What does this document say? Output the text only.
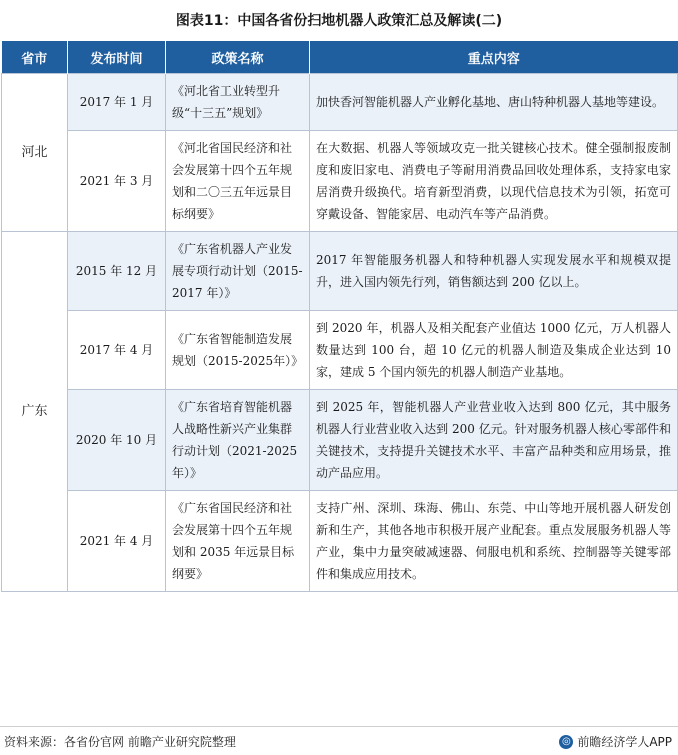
图表11：中国各省份扫地机器人政策汇总及解读(二)
省市	发布时间	政策名称	重点内容
河北	2017 年 1 月	《河北省工业转型升级“十三五”规划》	加快香河智能机器人产业孵化基地、唐山特种机器人基地等建设。
	2021 年 3 月	《河北省国民经济和社会发展第十四个五年规划和二〇三五年远景目标纲要》	在大数据、机器人等领域攻克一批关键核心技术。健全强制报废制度和废旧家电、消费电子等耐用消费品回收处理体系，支持家电家居消费升级换代。培育新型消费，以现代信息技术为引领，拓宽可穿戴设备、智能家居、电动汽车等产品消费。
广东	2015 年 12 月	《广东省机器人产业发展专项行动计划（2015-2017 年）》	2017 年智能服务机器人和特种机器人实现发展水平和规模双提升，进入国内领先行列，销售额达到 200 亿以上。
	2017 年 4 月	《广东省智能制造发展规划（2015-2025年）》	到 2020 年，机器人及相关配套产业值达 1000 亿元，万人机器人数量达到 100 台，超 10 亿元的机器人制造及集成企业达到 10 家，建成 5 个国内领先的机器人制造产业基地。
	2020 年 10 月	《广东省培育智能机器人战略性新兴产业集群行动计划（2021-2025 年）》	到 2025 年，智能机器人产业营业收入达到 800 亿元，其中服务机器人行业营业收入达到 200 亿元。针对服务机器人核心零部件和关键技术，支持提升关键技术水平、丰富产品种类和应用场景，推动产品应用。
	2021 年 4 月	《广东省国民经济和社会发展第十四个五年规划和 2035 年远景目标纲要》	支持广州、深圳、珠海、佛山、东莞、中山等地开展机器人研发创新和生产，其他各地市积极开展产业配套。重点发展服务机器人等产业，集中力量突破减速器、伺服电机和系统、控制器等关键零部件和集成应用技术。
资料来源：各省份官网 前瞻产业研究院整理	◎ 前瞻经济学人APP
